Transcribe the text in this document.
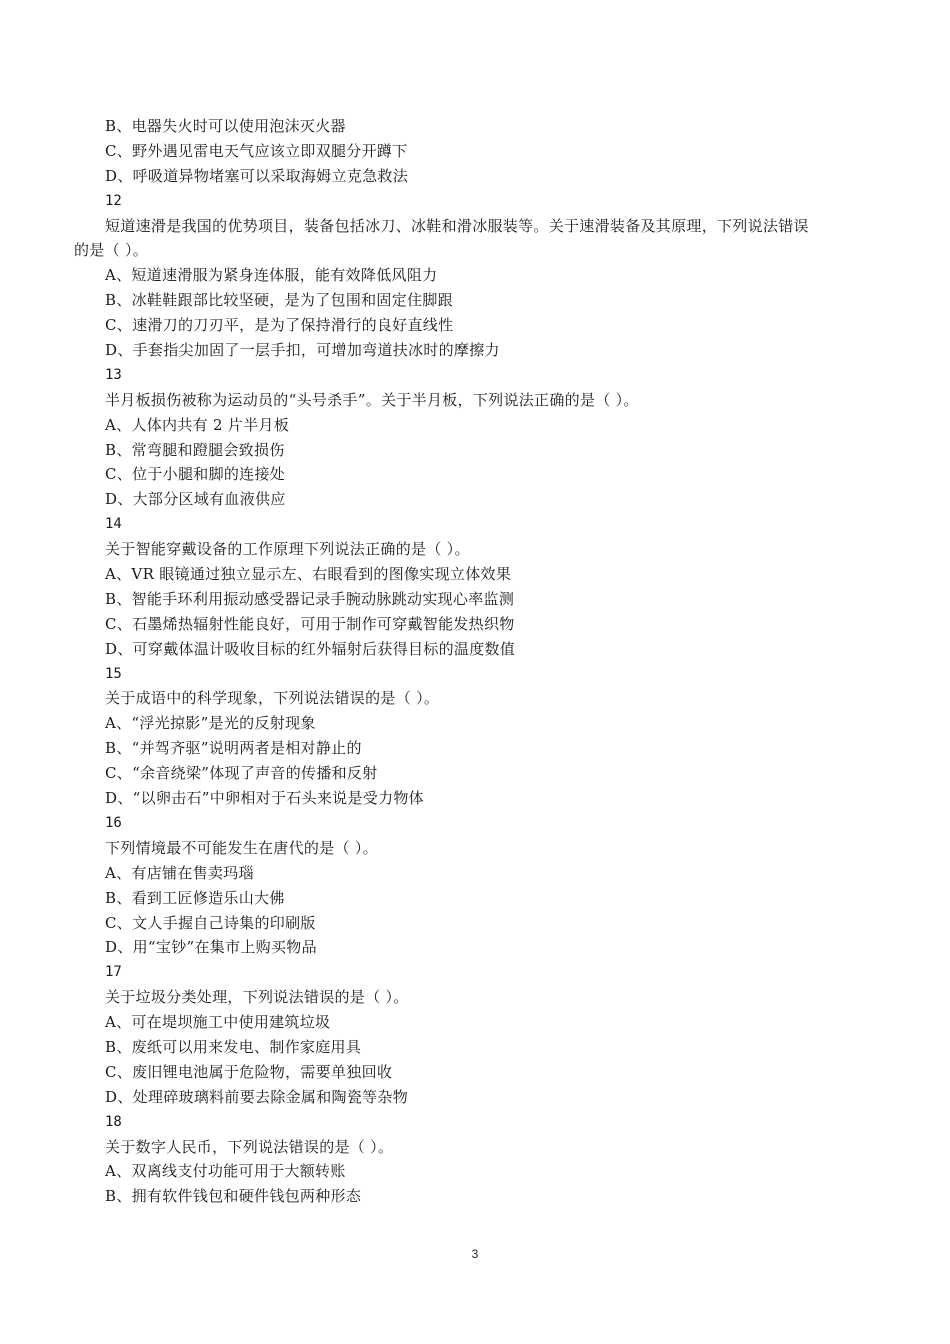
B、电器失火时可以使用泡沫灭火器
C、野外遇见雷电天气应该立即双腿分开蹲下
D、呼吸道异物堵塞可以采取海姆立克急救法
12
短道速滑是我国的优势项目，装备包括冰刀、冰鞋和滑冰服装等。关于速滑装备及其原理，下列说法错误
的是（ ）。
A、短道速滑服为紧身连体服，能有效降低风阻力
B、冰鞋鞋跟部比较坚硬，是为了包围和固定住脚跟
C、速滑刀的刀刃平，是为了保持滑行的良好直线性
D、手套指尖加固了一层手扣，可增加弯道扶冰时的摩擦力
13
半月板损伤被称为运动员的“头号杀手”。关于半月板，下列说法正确的是（ ）。
A、人体内共有 2 片半月板
B、常弯腿和蹬腿会致损伤
C、位于小腿和脚的连接处
D、大部分区域有血液供应
14
关于智能穿戴设备的工作原理下列说法正确的是（ ）。
A、VR 眼镜通过独立显示左、右眼看到的图像实现立体效果
B、智能手环利用振动感受器记录手腕动脉跳动实现心率监测
C、石墨烯热辐射性能良好，可用于制作可穿戴智能发热织物
D、可穿戴体温计吸收目标的红外辐射后获得目标的温度数值
15
关于成语中的科学现象，下列说法错误的是（ ）。
A、“浮光掠影”是光的反射现象
B、“并驾齐驱”说明两者是相对静止的
C、“余音绕梁”体现了声音的传播和反射
D、“以卵击石”中卵相对于石头来说是受力物体
16
下列情境最不可能发生在唐代的是（ ）。
A、有店铺在售卖玛瑙
B、看到工匠修造乐山大佛
C、文人手握自己诗集的印刷版
D、用“宝钞”在集市上购买物品
17
关于垃圾分类处理，下列说法错误的是（ ）。
A、可在堤坝施工中使用建筑垃圾
B、废纸可以用来发电、制作家庭用具
C、废旧锂电池属于危险物，需要单独回收
D、处理碎玻璃料前要去除金属和陶瓷等杂物
18
关于数字人民币，下列说法错误的是（ ）。
A、双离线支付功能可用于大额转账
B、拥有软件钱包和硬件钱包两种形态
3
